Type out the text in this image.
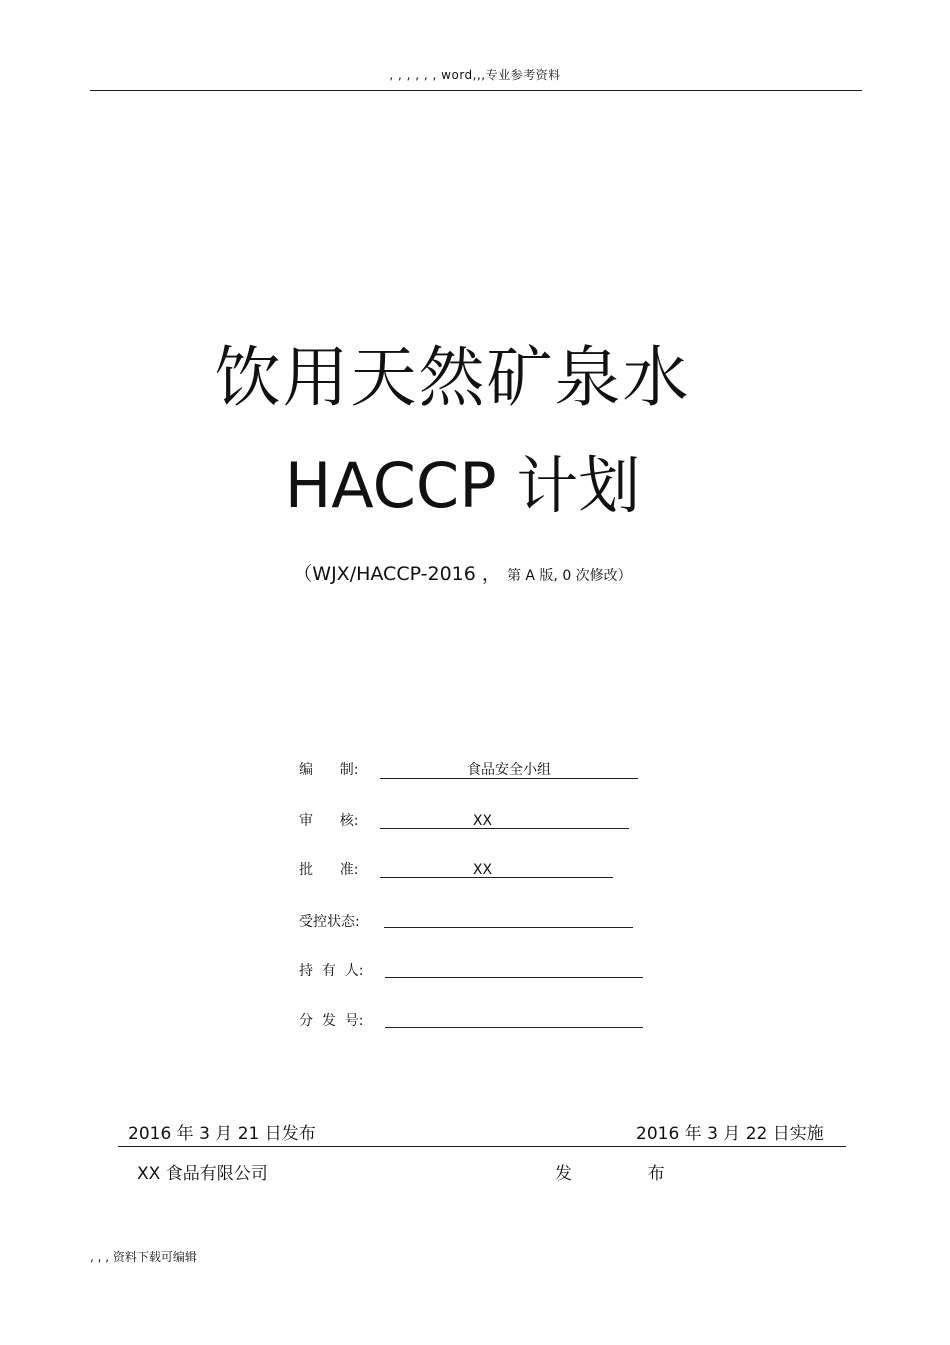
, , , , , , word,,,专业参考资料
饮用天然矿泉水
HACCP 计划
（WJX/HACCP-2016 ， 第 A 版, 0 次修改）
编      制:	食品安全小组
审      核:	XX
批      准:	XX
受控状态:
持  有  人:
分  发  号:
2016 年 3 月 21 日发布	2016 年 3 月 22 日实施
XX 食品有限公司	发              布
, , , 资料下载可编辑
